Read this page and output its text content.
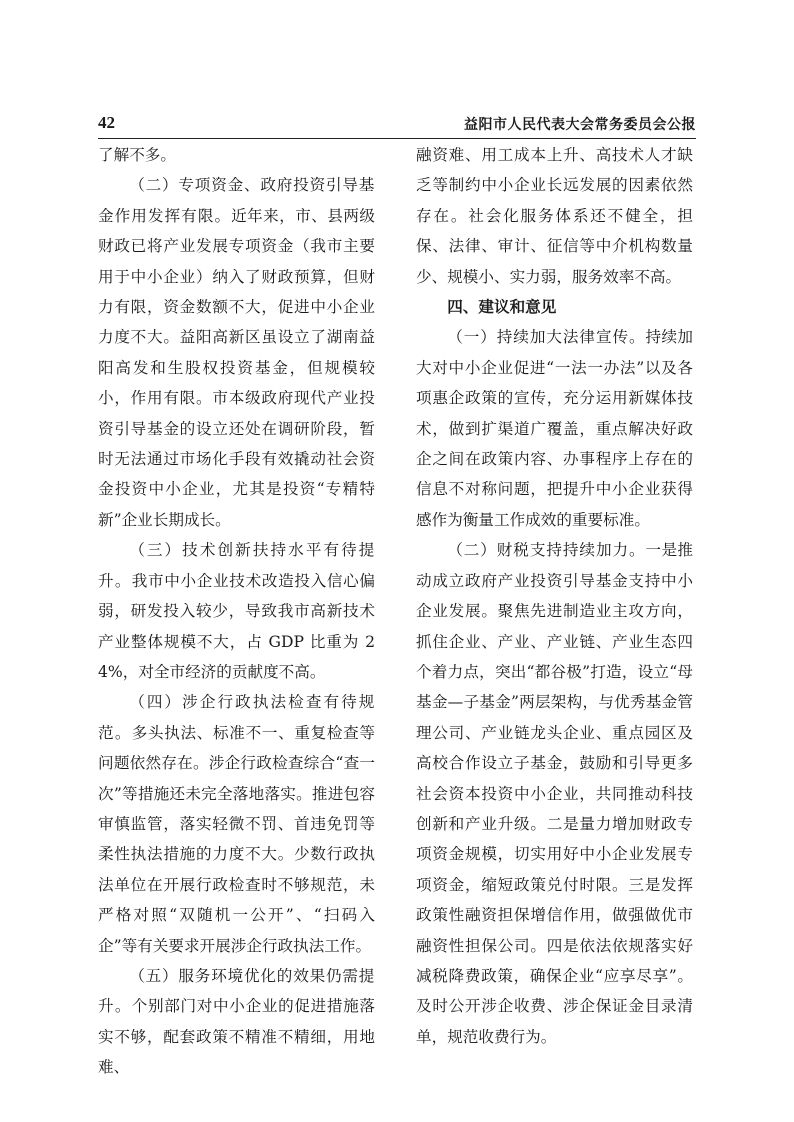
42	益阳市人民代表大会常务委员会公报

了解不多。

（二）专项资金、政府投资引导基金作用发挥有限。近年来，市、县两级财政已将产业发展专项资金（我市主要用于中小企业）纳入了财政预算，但财力有限，资金数额不大，促进中小企业力度不大。益阳高新区虽设立了湖南益阳高发和生股权投资基金，但规模较小，作用有限。市本级政府现代产业投资引导基金的设立还处在调研阶段，暂时无法通过市场化手段有效撬动社会资金投资中小企业，尤其是投资“专精特新”企业长期成长。

（三）技术创新扶持水平有待提升。我市中小企业技术改造投入信心偏弱，研发投入较少，导致我市高新技术产业整体规模不大，占 GDP 比重为 24%，对全市经济的贡献度不高。

（四）涉企行政执法检查有待规范。多头执法、标准不一、重复检查等问题依然存在。涉企行政检查综合“查一次”等措施还未完全落地落实。推进包容审慎监管，落实轻微不罚、首违免罚等柔性执法措施的力度不大。少数行政执法单位在开展行政检查时不够规范，未严格对照“双随机一公开”、“扫码入企”等有关要求开展涉企行政执法工作。

（五）服务环境优化的效果仍需提升。个别部门对中小企业的促进措施落实不够，配套政策不精准不精细，用地难、

融资难、用工成本上升、高技术人才缺乏等制约中小企业长远发展的因素依然存在。社会化服务体系还不健全，担保、法律、审计、征信等中介机构数量少、规模小、实力弱，服务效率不高。

四、建议和意见

（一）持续加大法律宣传。持续加大对中小企业促进“一法一办法”以及各项惠企政策的宣传，充分运用新媒体技术，做到扩渠道广覆盖，重点解决好政企之间在政策内容、办事程序上存在的信息不对称问题，把提升中小企业获得感作为衡量工作成效的重要标准。

（二）财税支持持续加力。一是推动成立政府产业投资引导基金支持中小企业发展。聚焦先进制造业主攻方向，抓住企业、产业、产业链、产业生态四个着力点，突出“都谷极”打造，设立“母基金—子基金”两层架构，与优秀基金管理公司、产业链龙头企业、重点园区及高校合作设立子基金，鼓励和引导更多社会资本投资中小企业，共同推动科技创新和产业升级。二是量力增加财政专项资金规模，切实用好中小企业发展专项资金，缩短政策兑付时限。三是发挥政策性融资担保增信作用，做强做优市融资性担保公司。四是依法依规落实好减税降费政策，确保企业“应享尽享”。及时公开涉企收费、涉企保证金目录清单，规范收费行为。
